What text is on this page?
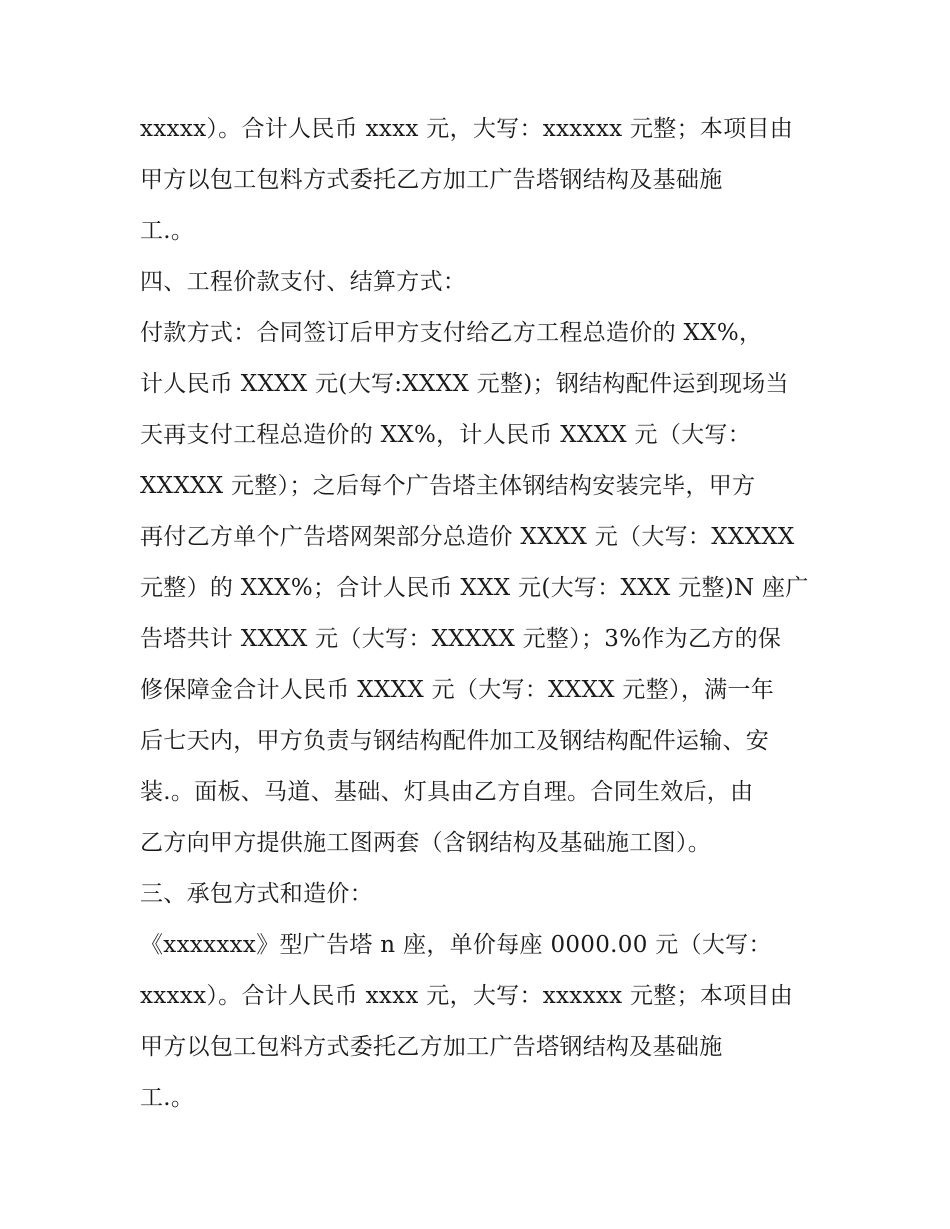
xxxxx）。合计人民币 xxxx 元，大写：xxxxxx 元整；本项目由
甲方以包工包料方式委托乙方加工广告塔钢结构及基础施
工.。
四、工程价款支付、结算方式：
付款方式：合同签订后甲方支付给乙方工程总造价的 XX%，
计人民币 XXXX 元(大写:XXXX 元整)；钢结构配件运到现场当
天再支付工程总造价的 XX%，计人民币 XXXX 元（大写：
XXXXX 元整）；之后每个广告塔主体钢结构安装完毕，甲方
再付乙方单个广告塔网架部分总造价 XXXX 元（大写：XXXXX
元整）的 XXX%；合计人民币 XXX 元(大写：XXX 元整)N 座广
告塔共计 XXXX 元（大写：XXXXX 元整）；3%作为乙方的保
修保障金合计人民币 XXXX 元（大写：XXXX 元整），满一年
后七天内，甲方负责与钢结构配件加工及钢结构配件运输、安
装.。面板、马道、基础、灯具由乙方自理。合同生效后，由
乙方向甲方提供施工图两套（含钢结构及基础施工图）。
三、承包方式和造价：
《xxxxxxx》型广告塔 n 座，单价每座 0000.00 元（大写：
xxxxx）。合计人民币 xxxx 元，大写：xxxxxx 元整；本项目由
甲方以包工包料方式委托乙方加工广告塔钢结构及基础施
工.。
